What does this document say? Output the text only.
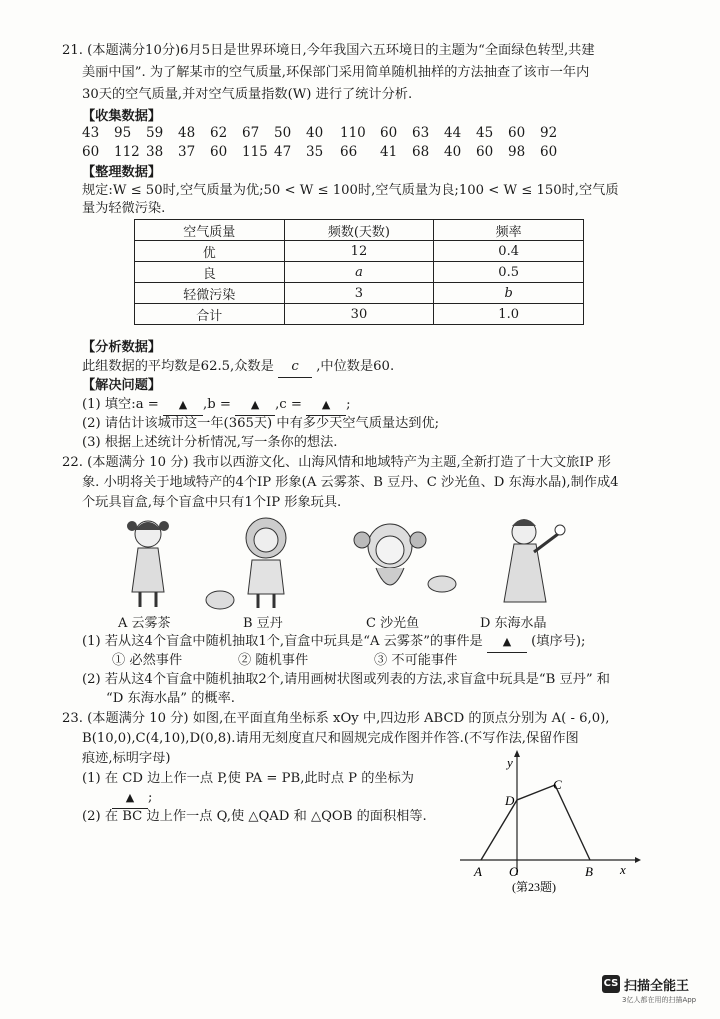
21. (本题满分10分)6月5日是世界环境日,今年我国六五环境日的主题为“全面绿色转型,共建
美丽中国”. 为了解某市的空气质量,环保部门采用简单随机抽样的方法抽查了该市一年内
30天的空气质量,并对空气质量指数(W) 进行了统计分析.
【收集数据】
43 95 59 48 62 67 50 40 110 60 63 44 45 60 92
60 112 38 37 60 115 47 35 66 41 68 40 60 98 60
【整理数据】
规定:W ≤ 50时,空气质量为优;50 < W ≤ 100时,空气质量为良;100 < W ≤ 150时,空气质
量为轻微污染.
空气质量	频数(天数)	频率
优	12	0.4
良	a	0.5
轻微污染	3	b
合计	30	1.0
【分析数据】
此组数据的平均数是62.5,众数是 c ,中位数是60.
【解决问题】
(1) 填空:a = ▲ ,b = ▲ ,c = ▲ ;
(2) 请估计该城市这一年(365天) 中有多少天空气质量达到优;
(3) 根据上述统计分析情况,写一条你的想法.
22. (本题满分 10 分) 我市以西游文化、山海风情和地域特产为主题,全新打造了十大文旅IP 形
象. 小明将关于地域特产的4个IP 形象(A 云雾茶、B 豆丹、C 沙光鱼、D 东海水晶),制作成4
个玩具盲盒,每个盲盒中只有1个IP 形象玩具.
A 云雾茶	B 豆丹	C 沙光鱼	D 东海水晶
(1) 若从这4个盲盒中随机抽取1个,盲盒中玩具是“A 云雾茶”的事件是 ▲ (填序号);
① 必然事件	② 随机事件	③ 不可能事件
(2) 若从这4个盲盒中随机抽取2个,请用画树状图或列表的方法,求盲盒中玩具是“B 豆丹” 和
“D 东海水晶” 的概率.
23. (本题满分 10 分) 如图,在平面直角坐标系 xOy 中,四边形 ABCD 的顶点分别为 A( - 6,0),
B(10,0),C(4,10),D(0,8).请用无刻度直尺和圆规完成作图并作答.(不写作法,保留作图
痕迹,标明字母)
(1) 在 CD 边上作一点 P,使 PA = PB,此时点 P 的坐标为
▲ ;
(2) 在 BC 边上作一点 Q,使 △QAD 和 △QOB 的面积相等.
y
x
O
A	B
C
D
(第23题)
CS 扫描全能王
3亿人都在用的扫描App
